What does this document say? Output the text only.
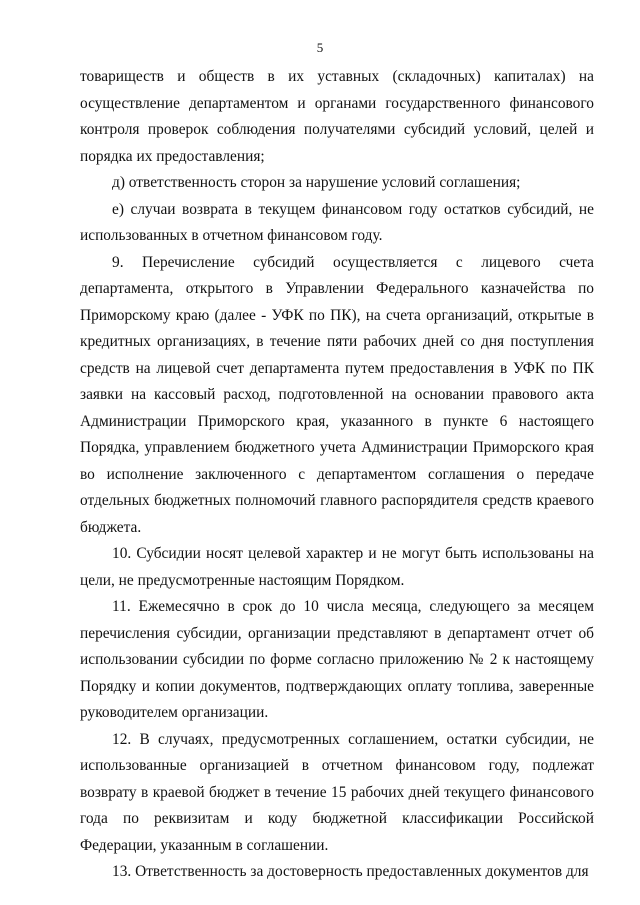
5

товариществ и обществ в их уставных (складочных) капиталах) на осуществление департаментом и органами государственного финансового контроля проверок соблюдения получателями субсидий условий, целей и порядка их предоставления;

д) ответственность сторон за нарушение условий соглашения;

е) случаи возврата в текущем финансовом году остатков субсидий, не использованных в отчетном финансовом году.

9. Перечисление субсидий осуществляется с лицевого счета департамента, открытого в Управлении Федерального казначейства по Приморскому краю (далее - УФК по ПК), на счета организаций, открытые в кредитных организациях, в течение пяти рабочих дней со дня поступления средств на лицевой счет департамента путем предоставления в УФК по ПК заявки на кассовый расход, подготовленной на основании правового акта Администрации Приморского края, указанного в пункте 6 настоящего Порядка, управлением бюджетного учета Администрации Приморского края во исполнение заключенного с департаментом соглашения о передаче отдельных бюджетных полномочий главного распорядителя средств краевого бюджета.

10. Субсидии носят целевой характер и не могут быть использованы на цели, не предусмотренные настоящим Порядком.

11. Ежемесячно в срок до 10 числа месяца, следующего за месяцем перечисления субсидии, организации представляют в департамент отчет об использовании субсидии по форме согласно приложению № 2 к настоящему Порядку и копии документов, подтверждающих оплату топлива, заверенные руководителем организации.

12. В случаях, предусмотренных соглашением, остатки субсидии, не использованные организацией в отчетном финансовом году, подлежат возврату в краевой бюджет в течение 15 рабочих дней текущего финансового года по реквизитам и коду бюджетной классификации Российской Федерации, указанным в соглашении.

13. Ответственность за достоверность предоставленных документов для
